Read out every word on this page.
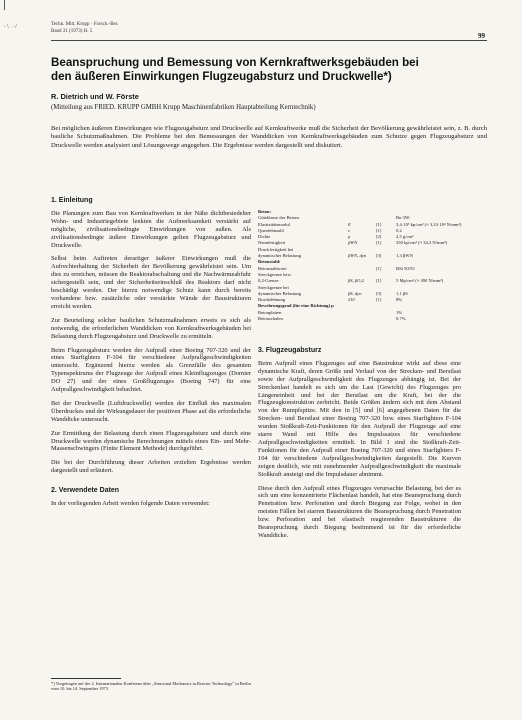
·\ ·/	Techn. Mitt. Krupp · Forsch.-Ber.
Band 31 (1973) H. 5
99
Beanspruchung und Bemessung von Kernkraftwerksgebäuden bei
den äußeren Einwirkungen Flugzeugabsturz und Druckwelle*)
R. Dietrich und W. Förste
(Mitteilung aus FRIED. KRUPP GMBH Krupp Maschinenfabriken Hauptabteilung Kerntechnik)
Bei möglichen äußeren Einwirkungen wie Flugzeugabsturz und Druckwelle auf Kernkraftwerke muß die Sicherheit der Bevölkerung gewährleistet sein, z. B. durch bauliche Schutzmaßnahmen. Die Probleme bei den Bemessungen der Wanddicken von Kernkraftwerksgebäuden zum Schutze gegen Flugzeugabsturz und Druckwelle werden analysiert und Lösungswege angegeben. Die Ergebnisse werden dargestellt und diskutiert.
1. Einleitung

Die Planungen zum Bau von Kernkraftwerken in der Nähe dichtbesiedelter Wohn- und Industriegebiete lenkten die Aufmerksamkeit verstärkt auf mögliche, zivilisationsbedingte Einwirkungen von außen. Als zivilisationsbedingte äußere Einwirkungen gelten Flugzeugabsturz und Druckwelle.

Selbst beim Auftreten derartiger äußerer Einwirkungen muß die Aufrechterhaltung der Sicherheit der Bevölkerung gewährleistet sein. Um dies zu erreichen, müssen die Reaktorabschaltung und die Nachwärmeabfuhr sichergestellt sein, und der Sicherheitseinschluß des Reaktors darf nicht beschädigt werden. Der hierzu notwendige Schutz kann durch bereits vorhandene bzw. zusätzliche oder verstärkte Wände der Baustrukturen erreicht werden.

Zur Beurteilung solcher baulichen Schutzmaßnahmen erweis es sich als notwendig, die erforderlichen Wanddicken von Kernkraftwerksgebäuden bei Belastung durch Flugzeugabsturz und Druckwelle zu ermitteln.

Beim Flugzeugabsturz werden der Aufprall einer Boeing 707-320 und der eines Starfighters F-104 für verschiedene Aufprallgeschwindigkeiten untersucht. Ergänzend hierzu werden als Grenzfälle des gesamten Typenspektrums der Flugzeuge der Aufprall eines Kleinflugzeuges (Dornier DO 27) und der eines Großflugzeuges (Boeing 747) für eine Aufprallgeschwindigkeit behachtet.

Bei der Druckwelle (Luftdruckwelle) werden der Einfluß des maximalen Überdruckes und der Wirkungsdauer der positiven Phase auf die erforderliche Wanddicke untersucht.

Zur Ermittlung der Belastung durch einen Flugzeugabsturz und durch eine Druckwelle werden dynamische Berechnungen mittels eines Ein- und Mehr-Massenschwingers (Finite Element Methode) durchgeführt.

Die bei der Durchführung dieser Arbeiten erzielten Ergebnisse werden dargestellt und erläutert.

2. Verwendete Daten

In der vorliegenden Arbeit werden folgende Daten verwendet:

*) Vorgetragen auf der 2. Internationalen Konferenz über „Structural Mechanics in Reactor Technology" in Berlin vom 10. bis 14. September 1973
Beton:			
Güteklasse des Betons			Bn 350
Elastizitätsmodul	E	[1]	3,4·10⁵ kp/cm² (≈ 3,33·10⁴ N/mm²)
Querdehnzahl	ν	[1]	0,2
Dichte	ρ	[2]	2,5 g/cm³
Nennfestigkeit	βWN	[1]	350 kp/cm² (≈ 34,3 N/mm²)
Druckfestigkeit bei			
dynamischer Belastung	βWN, dyn	[3]	1,3 βWN
Betonstahl:			
Betonstahlsorte		[1]	BSt 50/55
Streckgrenze bzw.			
0,2-Grenze	βS, βO,2	[1]	5 Mp/cm² (≈ 490 N/mm²)
Streckgrenze bei			
dynamischer Belastung	βS, dyn	[3]	1,1 βS
Bruchdehnung	δ10	[1]	8%
Bewehrungsgrad (für eine Richtung) μ			
Betonplatten			1%
Betonschalen			0,7%
3. Flugzeugabsturz

Beim Aufprall eines Flugzeuges auf eine Baustruktur wirkt auf diese eine dynamische Kraft, deren Größe und Verlauf von der Strecken- und Berstlast sowie der Aufprallgeschwindigkeit des Flugzeuges abhängig ist. Bei der Streckenlast handelt es sich um die Last (Gewicht) des Flugzeuges pro Längeneinheit und bei der Berstlast um die Kraft, bei der die Flugzeugkonstruktion zerbricht. Beide Größen ändern sich mit dem Abstand von der Rumpfspitze. Mit den in [5] und [6] angegebenen Daten für die Strecken- und Berstlast einer Boeing 707-320 bzw. eines Starfighters F-104 wurden Stoßkraft-Zeit-Funktionen für den Aufprall der Flugzeuge auf eine starre Wand mit Hilfe des Impulssatzes für verschiedene Aufprallgeschwindigkeiten ermittelt. In Bild 1 sind die Stoßkraft-Zeit-Funktionen für den Aufprall einer Boeing 707-320 und eines Starfighters F-104 für verschiedene Aufprallgeschwindigkeiten dargestellt. Die Kurven zeigen deutlich, wie mit zunehmender Aufprallgeschwindigkeit die maximale Stoßkraft ansteigt und die Impulsdauer abnimmt.

Diese durch den Aufprall eines Flugzeuges verursachte Belastung, bei der es sich um eine konzentrierte Flächenlast handelt, hat eine Beanspruchung durch Penetration bzw. Perforation und durch Biegung zur Folge, wobei in den meisten Fällen bei starren Baustrukturen die Beanspruchung durch Penetration bzw. Perforation und bei elastisch reagierenden Baustrukturen die Beanspruchung durch Biegung bestimmend ist für die erforderliche Wanddicke.
